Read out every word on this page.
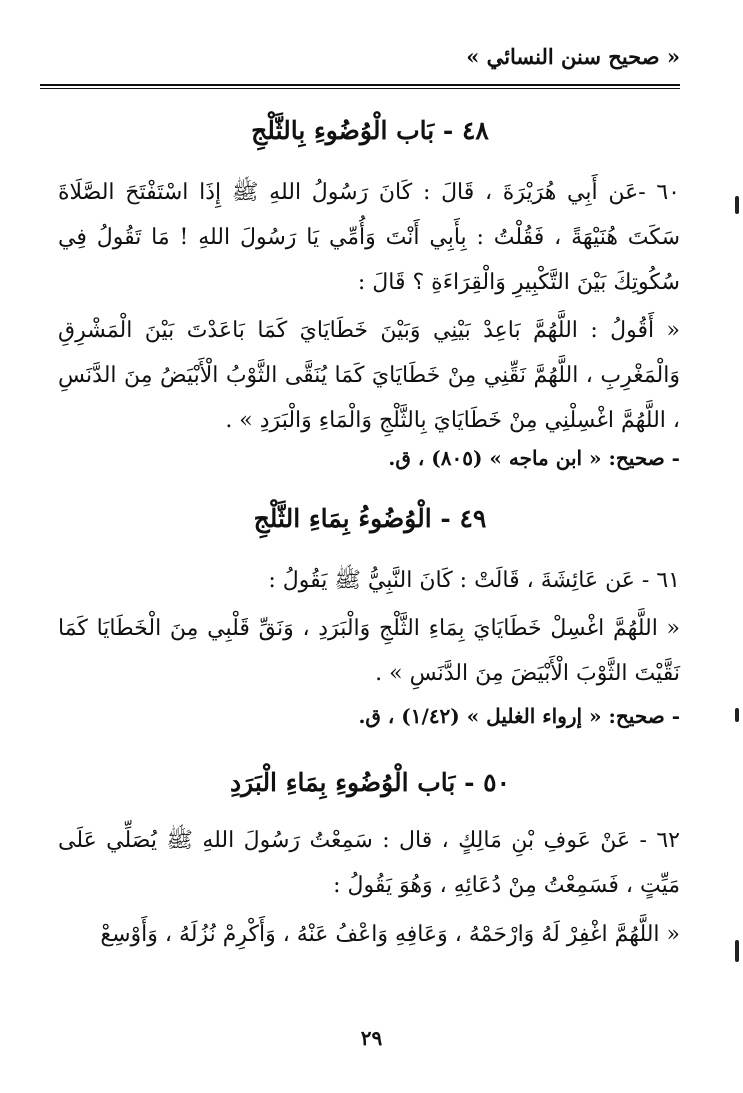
« صحيح سنن النسائي »
٤٨ - بَاب الْوُضُوءِ بِالثَّلْجِ

٦٠ -عَن أَبِي هُرَيْرَةَ ، قَالَ : كَانَ رَسُولُ اللهِ ﷺ إِذَا اسْتَفْتَحَ الصَّلَاةَ سَكَتَ هُنَيْهَةً ، فَقُلْتُ : بِأَبِي أَنْتَ وَأُمِّي يَا رَسُولَ اللهِ ! مَا تَقُولُ فِي سُكُوتِكَ بَيْنَ التَّكْبِيرِ وَالْقِرَاءَةِ ؟ قَالَ :

« أَقُولُ : اللَّهُمَّ بَاعِدْ بَيْنِي وَبَيْنَ خَطَايَايَ كَمَا بَاعَدْتَ بَيْنَ الْمَشْرِقِ وَالْمَغْرِبِ ، اللَّهُمَّ نَقِّنِي مِنْ خَطَايَايَ كَمَا يُنَقَّى الثَّوْبُ الْأَبْيَضُ مِنَ الدَّنَسِ ، اللَّهُمَّ اغْسِلْنِي مِنْ خَطَايَايَ بِالثَّلْجِ وَالْمَاءِ وَالْبَرَدِ » .

- صحيح: « ابن ماجه » (٨٠٥) ، ق.
٤٩ - الْوُضُوءُ بِمَاءِ الثَّلْجِ

٦١ - عَن عَائِشَةَ ، قَالَتْ : كَانَ النَّبِيُّ ﷺ يَقُولُ :

« اللَّهُمَّ اغْسِلْ خَطَايَايَ بِمَاءِ الثَّلْجِ وَالْبَرَدِ ، وَنَقِّ قَلْبِي مِنَ الْخَطَايَا كَمَا نَقَّيْتَ الثَّوْبَ الْأَبْيَضَ مِنَ الدَّنَسِ » .

- صحيح: « إرواء الغليل » (١/٤٢) ، ق.
٥٠ - بَاب الْوُضُوءِ بِمَاءِ الْبَرَدِ

٦٢ - عَنْ عَوفِ بْنِ مَالِكٍ ، قال : سَمِعْتُ رَسُولَ اللهِ ﷺ يُصَلِّي عَلَى مَيِّتٍ ، فَسَمِعْتُ مِنْ دُعَائِهِ ، وَهُوَ يَقُولُ :

« اللَّهُمَّ اغْفِرْ لَهُ وَارْحَمْهُ ، وَعَافِهِ وَاعْفُ عَنْهُ ، وَأَكْرِمْ نُزُلَهُ ، وَأَوْسِعْ

٢٩
